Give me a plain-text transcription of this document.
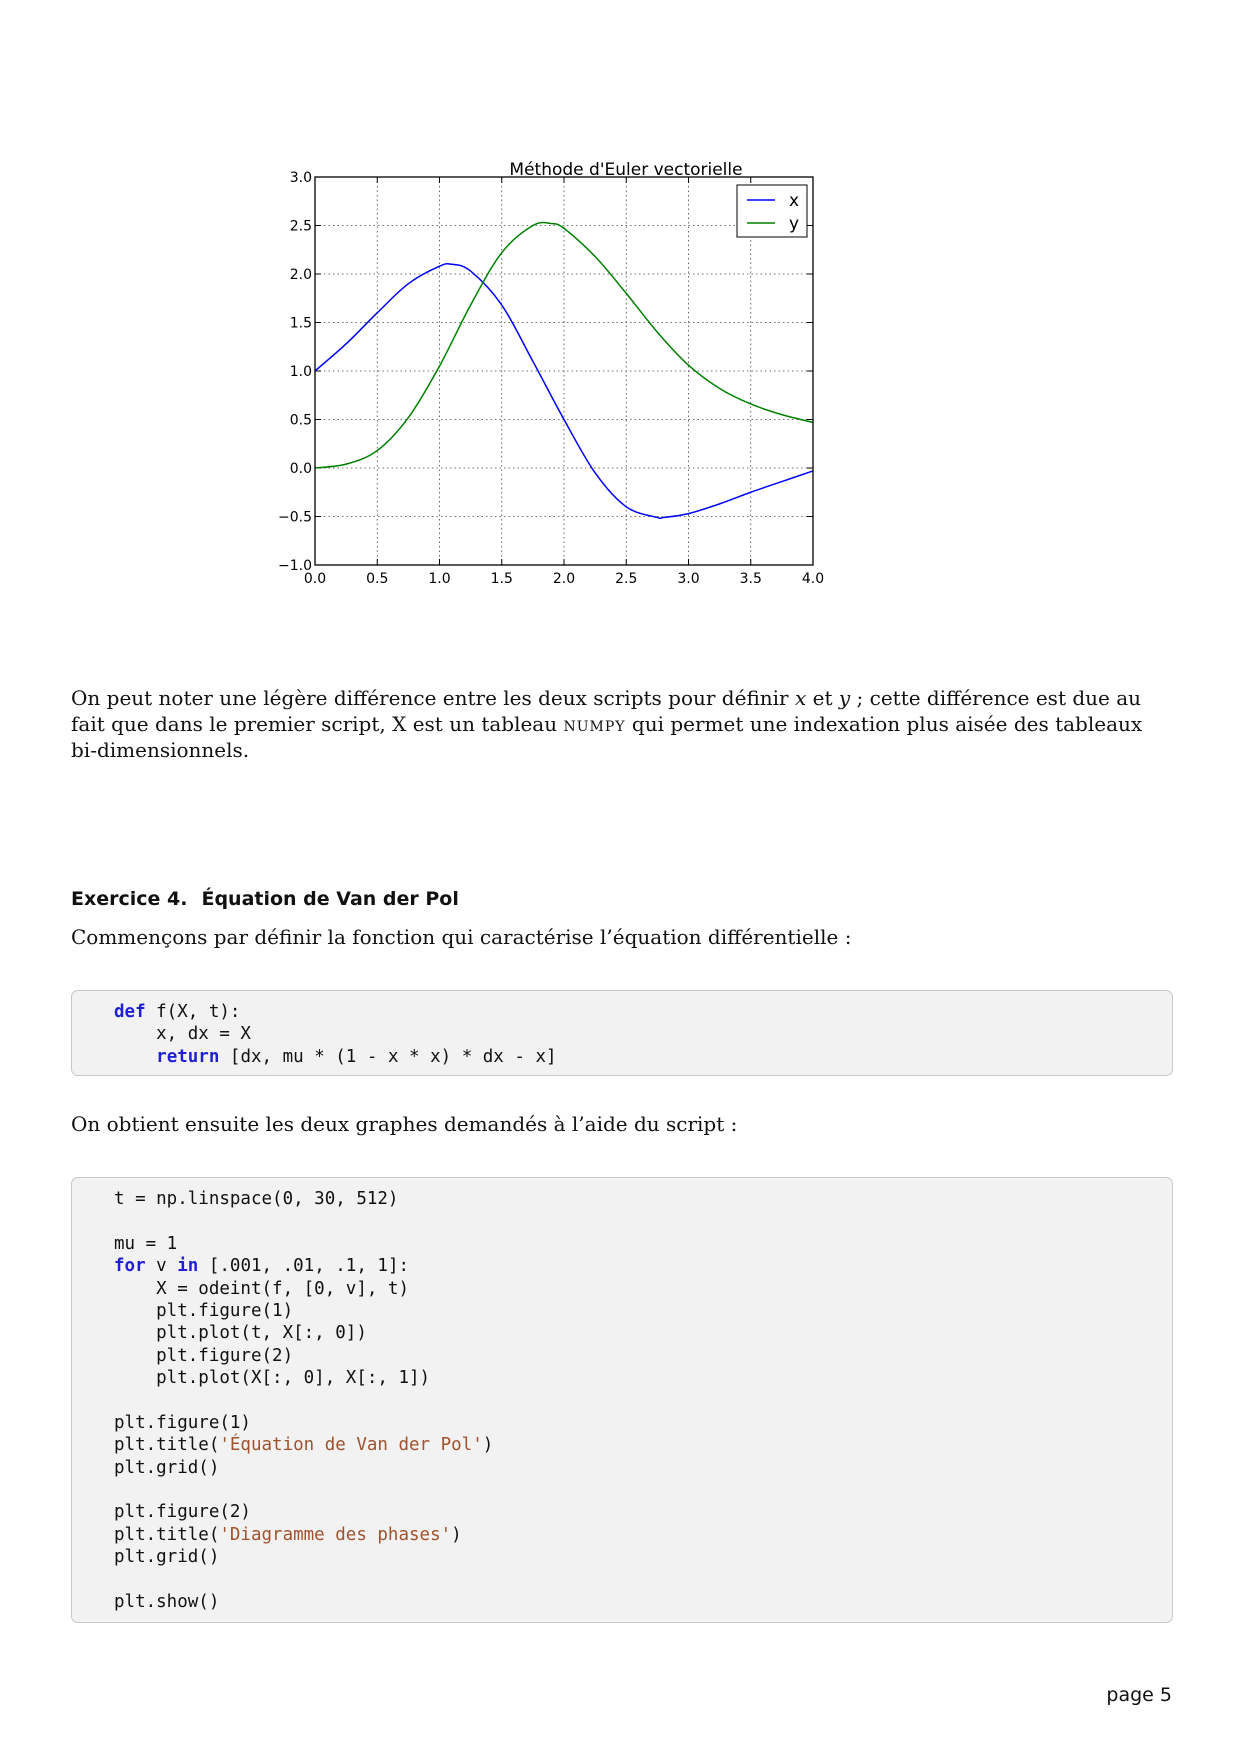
Méthode d'Euler vectorielle
3.0
2.5
2.0
1.5
1.0
0.5
0.0
−0.5
−1.0
0.0	0.5	1.0	1.5	2.0	2.5	3.0	3.5	4.0
x
y

On peut noter une légère différence entre les deux scripts pour définir x et y ; cette différence est due au fait que dans le premier script, X est un tableau numpy qui permet une indexation plus aisée des tableaux bi-dimensionnels.

Exercice 4. Équation de Van der Pol

Commençons par définir la fonction qui caractérise l’équation différentielle :

def f(X, t):
x, dx = X
return [dx, mu * (1 - x * x) * dx - x]

On obtient ensuite les deux graphes demandés à l’aide du script :

t = np.linspace(0, 30, 512)

mu = 1
for v in [.001, .01, .1, 1]:
X = odeint(f, [0, v], t)
plt.figure(1)
plt.plot(t, X[:, 0])
plt.figure(2)
plt.plot(X[:, 0], X[:, 1])

plt.figure(1)
plt.title('Équation de Van der Pol')
plt.grid()

plt.figure(2)
plt.title('Diagramme des phases')
plt.grid()

plt.show()
page 5
